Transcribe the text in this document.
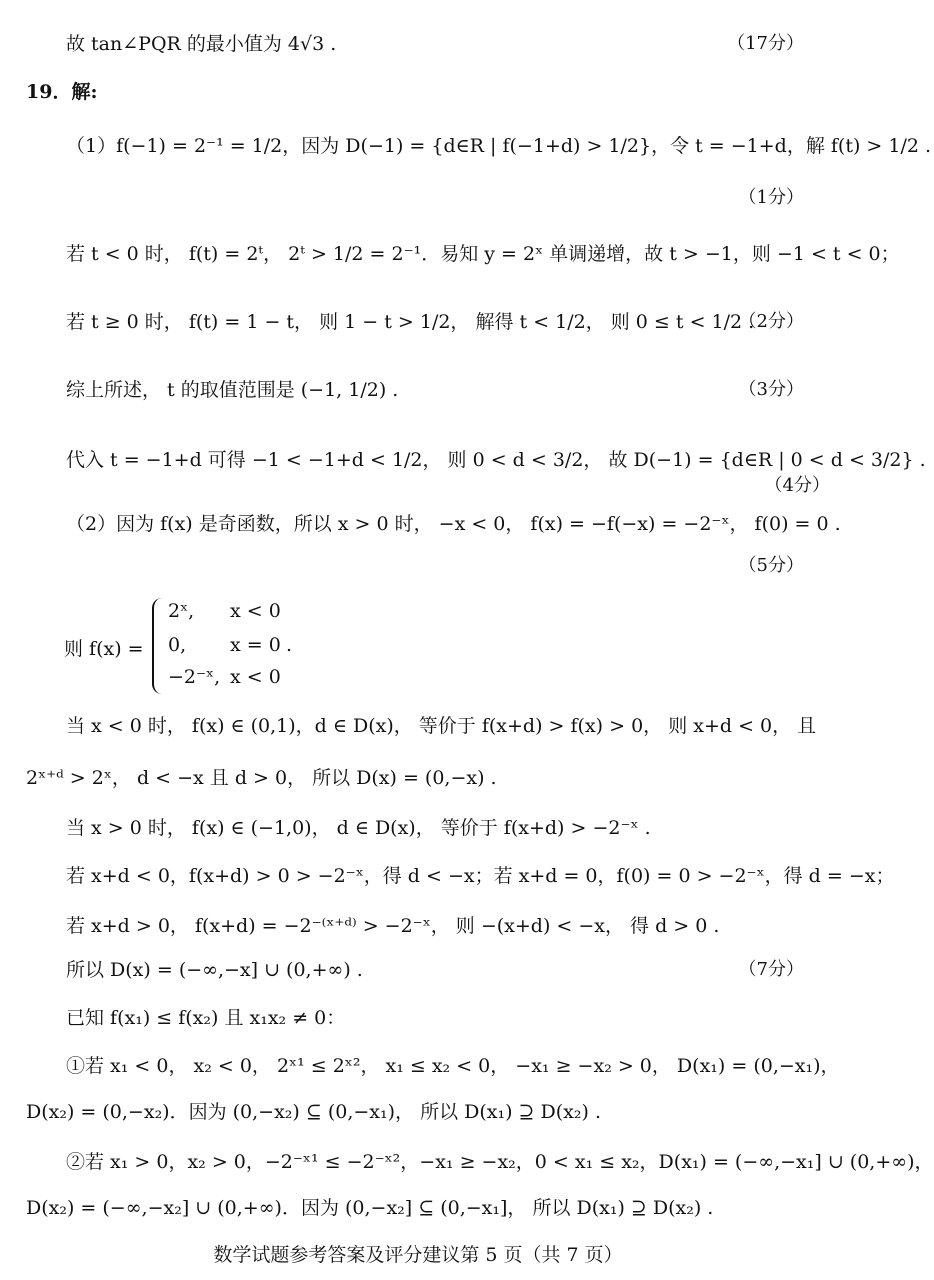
故 tan∠PQR 的最小值为 4√3 .	（17分）
19．解:
（1）f(−1) = 2⁻¹ = 1/2，因为 D(−1) = {d∈R | f(−1+d) > 1/2}，令 t = −1+d，解 f(t) > 1/2 .
（1分）
若 t < 0 时， f(t) = 2ᵗ， 2ᵗ > 1/2 = 2⁻¹．易知 y = 2ˣ 单调递增，故 t > −1，则 −1 < t < 0；
若 t ≥ 0 时， f(t) = 1 − t， 则 1 − t > 1/2， 解得 t < 1/2， 则 0 ≤ t < 1/2 .
（2分）
综上所述， t 的取值范围是 (−1, 1/2) .	（3分）
代入 t = −1+d 可得 −1 < −1+d < 1/2， 则 0 < d < 3/2， 故 D(−1) = {d∈R | 0 < d < 3/2} .
（4分）
（2）因为 f(x) 是奇函数，所以 x > 0 时， −x < 0， f(x) = −f(−x) = −2⁻ˣ， f(0) = 0 .
（5分）
则 f(x) =
2ˣ, x < 0
0, x = 0
−2⁻ˣ, x < 0
.
当 x < 0 时， f(x) ∈ (0,1)，d ∈ D(x)， 等价于 f(x+d) > f(x) > 0， 则 x+d < 0， 且
2ˣ⁺ᵈ > 2ˣ， d < −x 且 d > 0， 所以 D(x) = (0,−x) .
当 x > 0 时， f(x) ∈ (−1,0)， d ∈ D(x)， 等价于 f(x+d) > −2⁻ˣ .
若 x+d < 0，f(x+d) > 0 > −2⁻ˣ，得 d < −x；若 x+d = 0，f(0) = 0 > −2⁻ˣ，得 d = −x；
若 x+d > 0， f(x+d) = −2⁻⁽ˣ⁺ᵈ⁾ > −2⁻ˣ， 则 −(x+d) < −x， 得 d > 0 .
所以 D(x) = (−∞,−x] ∪ (0,+∞) .	（7分）
已知 f(x₁) ≤ f(x₂) 且 x₁x₂ ≠ 0：
①若 x₁ < 0， x₂ < 0， 2ˣ¹ ≤ 2ˣ²， x₁ ≤ x₂ < 0， −x₁ ≥ −x₂ > 0， D(x₁) = (0,−x₁)，
D(x₂) = (0,−x₂)．因为 (0,−x₂) ⊆ (0,−x₁)， 所以 D(x₁) ⊇ D(x₂) .
②若 x₁ > 0，x₂ > 0，−2⁻ˣ¹ ≤ −2⁻ˣ²，−x₁ ≥ −x₂，0 < x₁ ≤ x₂，D(x₁) = (−∞,−x₁] ∪ (0,+∞)，
D(x₂) = (−∞,−x₂] ∪ (0,+∞)．因为 (0,−x₂] ⊆ (0,−x₁]， 所以 D(x₁) ⊇ D(x₂) .
数学试题参考答案及评分建议第 5 页（共 7 页）
